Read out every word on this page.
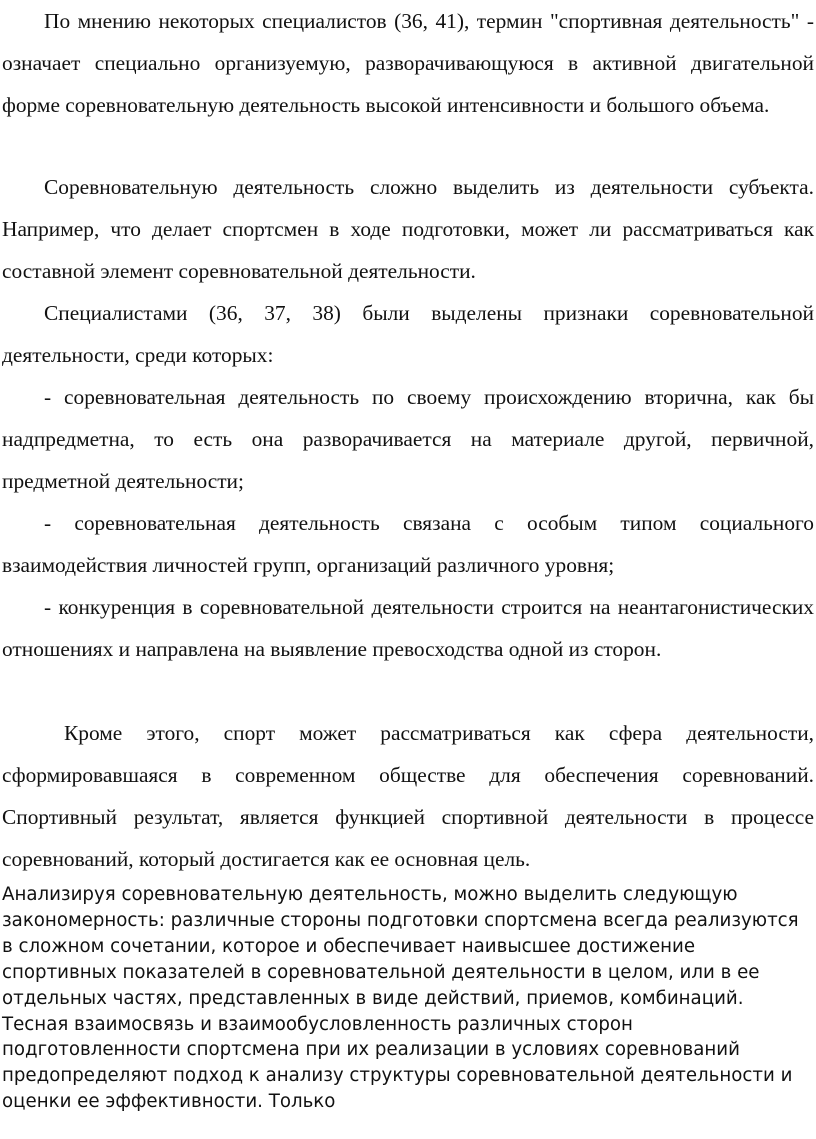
По мнению некоторых специалистов (36, 41), термин "спортивная деятельность" - означает специально организуемую, разворачивающуюся в активной двигательной форме соревновательную деятельность высокой интенсивности и большого объема.

Соревновательную деятельность сложно выделить из деятельности субъекта. Например, что делает спортсмен в ходе подготовки, может ли рассматриваться как составной элемент соревновательной деятельности.

Специалистами (36, 37, 38) были выделены признаки соревновательной деятельности, среди которых:

- соревновательная деятельность по своему происхождению вторична, как бы надпредметна, то есть она разворачивается на материале другой, первичной, предметной деятельности;

- соревновательная деятельность связана с особым типом социального взаимодействия личностей групп, организаций различного уровня;

- конкуренция в соревновательной деятельности строится на неантагонистических отношениях и направлена на выявление превосходства одной из сторон.

Кроме этого, спорт может рассматриваться как сфера деятельности, сформировавшаяся в современном обществе для обеспечения соревнований. Спортивный результат, является функцией спортивной деятельности в процессе соревнований, который достигается как ее основная цель.

Анализируя соревновательную деятельность, можно выделить следующую закономерность: различные стороны подготовки спортсмена всегда реализуются в сложном сочетании, которое и обеспечивает наивысшее достижение спортивных показателей в соревновательной деятельности в целом, или в ее отдельных частях, представленных в виде действий, приемов, комбинаций. Тесная взаимосвязь и взаимообусловленность различных сторон подготовленности спортсмена при их реализации в условиях соревнований предопределяют подход к анализу структуры соревновательной деятельности и оценки ее эффективности. Только
